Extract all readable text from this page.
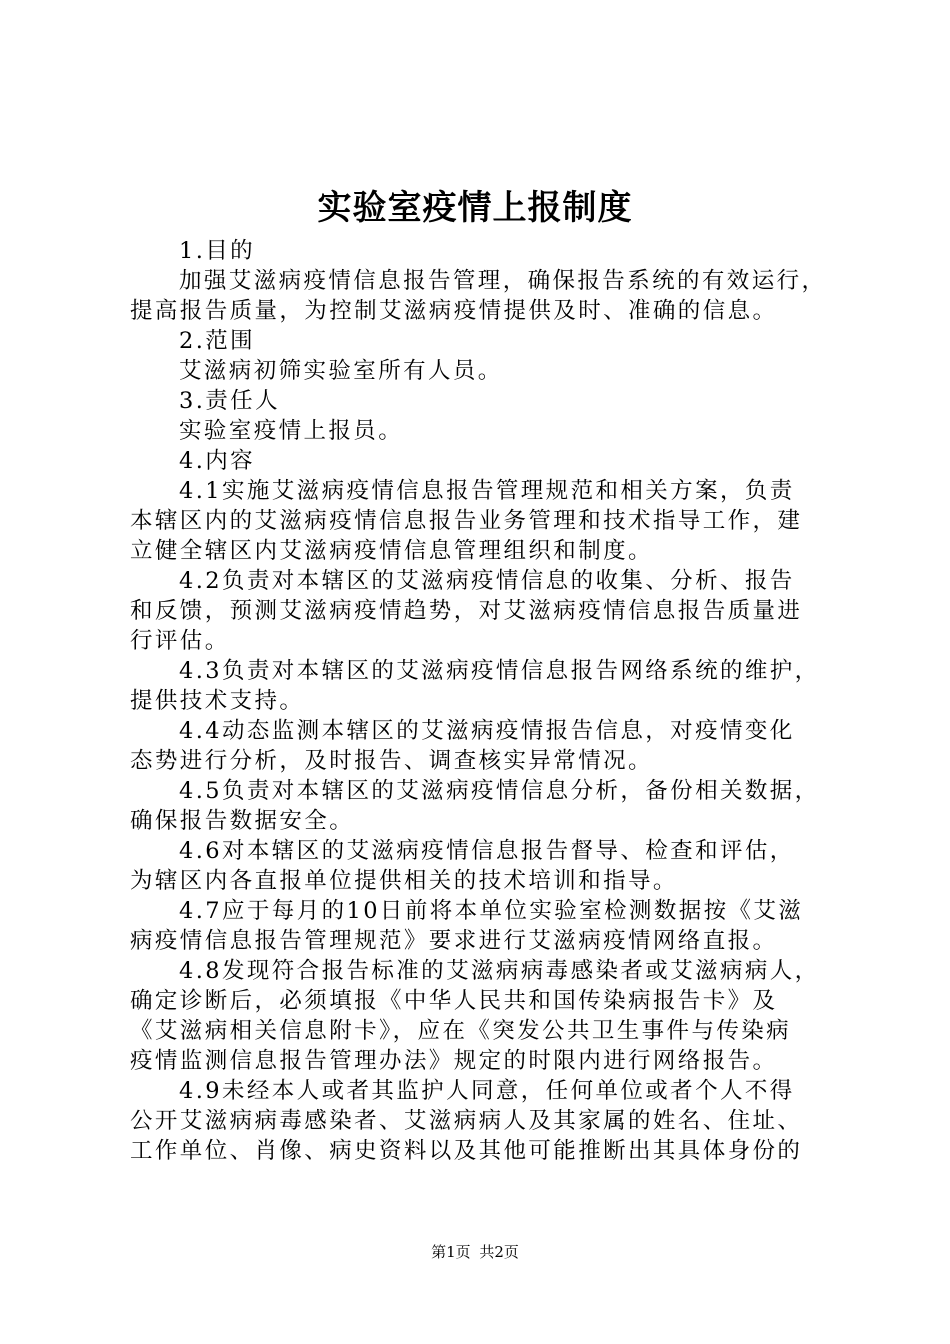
实验室疫情上报制度
1.目的
加强艾滋病疫情信息报告管理，确保报告系统的有效运行，
提高报告质量，为控制艾滋病疫情提供及时、准确的信息。
2.范围
艾滋病初筛实验室所有人员。
3.责任人
实验室疫情上报员。
4.内容
4.1实施艾滋病疫情信息报告管理规范和相关方案，负责
本辖区内的艾滋病疫情信息报告业务管理和技术指导工作，建
立健全辖区内艾滋病疫情信息管理组织和制度。
4.2负责对本辖区的艾滋病疫情信息的收集、分析、报告
和反馈，预测艾滋病疫情趋势，对艾滋病疫情信息报告质量进
行评估。
4.3负责对本辖区的艾滋病疫情信息报告网络系统的维护，
提供技术支持。
4.4动态监测本辖区的艾滋病疫情报告信息，对疫情变化
态势进行分析，及时报告、调查核实异常情况。
4.5负责对本辖区的艾滋病疫情信息分析，备份相关数据，
确保报告数据安全。
4.6对本辖区的艾滋病疫情信息报告督导、检查和评估，
为辖区内各直报单位提供相关的技术培训和指导。
4.7应于每月的10日前将本单位实验室检测数据按《艾滋
病疫情信息报告管理规范》要求进行艾滋病疫情网络直报。
4.8发现符合报告标准的艾滋病病毒感染者或艾滋病病人，
确定诊断后，必须填报《中华人民共和国传染病报告卡》及
《艾滋病相关信息附卡》，应在《突发公共卫生事件与传染病
疫情监测信息报告管理办法》规定的时限内进行网络报告。
4.9未经本人或者其监护人同意，任何单位或者个人不得
公开艾滋病病毒感染者、艾滋病病人及其家属的姓名、住址、
工作单位、肖像、病史资料以及其他可能推断出其具体身份的
第1页 共2页
